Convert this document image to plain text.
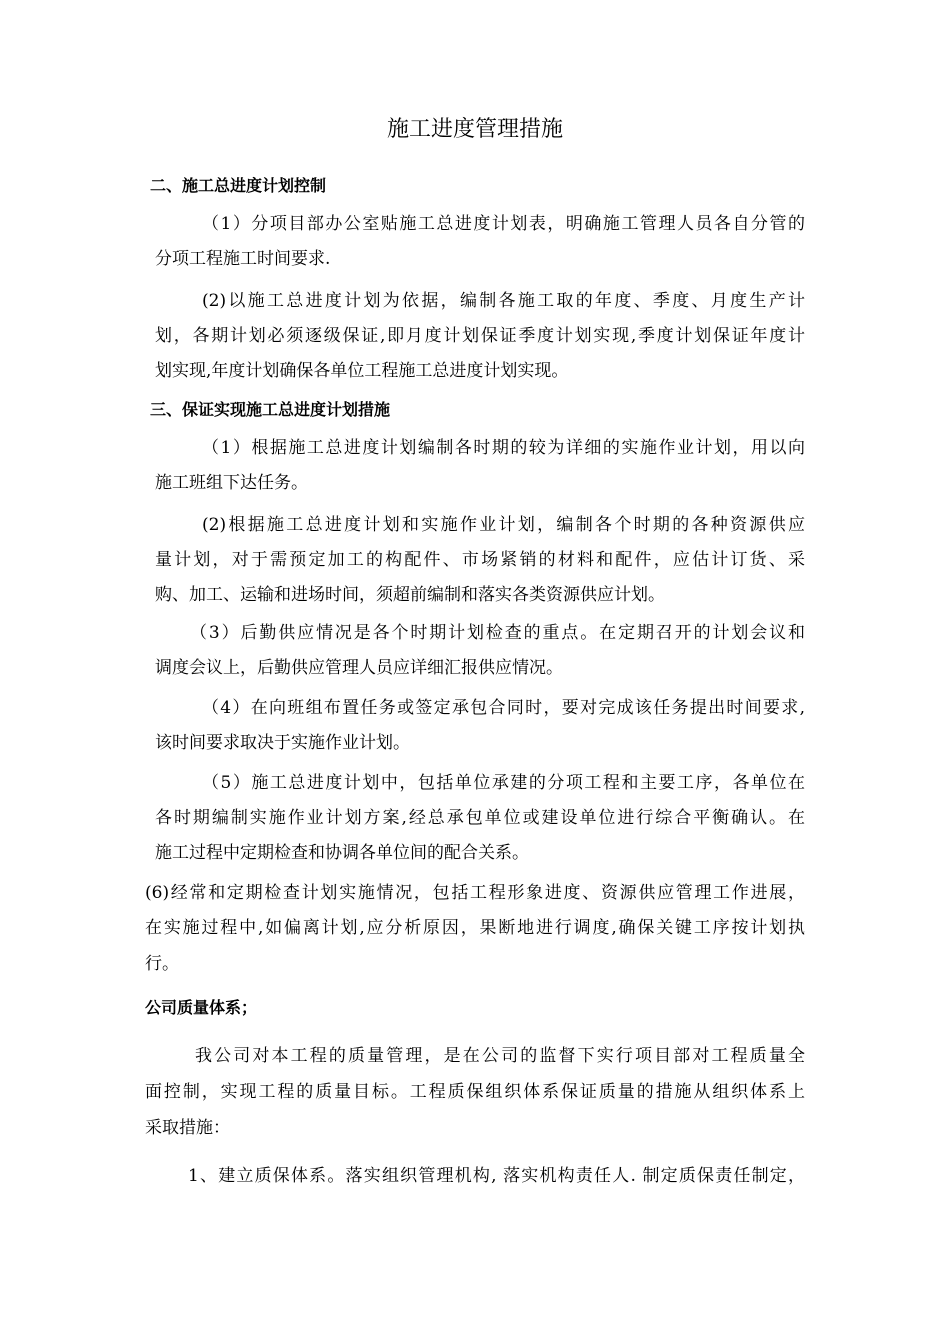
施工进度管理措施
二、施工总进度计划控制
（1）分项目部办公室贴施工总进度计划表，明确施工管理人员各自分管的
分项工程施工时间要求.
(2)以施工总进度计划为依据，编制各施工取的年度、季度、月度生产计
划，各期计划必须逐级保证,即月度计划保证季度计划实现,季度计划保证年度计
划实现,年度计划确保各单位工程施工总进度计划实现。
三、保证实现施工总进度计划措施
（1）根据施工总进度计划编制各时期的较为详细的实施作业计划，用以向
施工班组下达任务。
(2)根据施工总进度计划和实施作业计划，编制各个时期的各种资源供应
量计划，对于需预定加工的构配件、市场紧销的材料和配件，应估计订货、采
购、加工、运输和进场时间，须超前编制和落实各类资源供应计划。
（3）后勤供应情况是各个时期计划检查的重点。在定期召开的计划会议和
调度会议上，后勤供应管理人员应详细汇报供应情况。
（4）在向班组布置任务或签定承包合同时，要对完成该任务提出时间要求,
该时间要求取决于实施作业计划。
（5）施工总进度计划中，包括单位承建的分项工程和主要工序，各单位在
各时期编制实施作业计划方案,经总承包单位或建设单位进行综合平衡确认。在
施工过程中定期检查和协调各单位间的配合关系。
(6)经常和定期检查计划实施情况，包括工程形象进度、资源供应管理工作进展，
在实施过程中,如偏离计划,应分析原因，果断地进行调度,确保关键工序按计划执
行。
公司质量体系；
我公司对本工程的质量管理，是在公司的监督下实行项目部对工程质量全
面控制，实现工程的质量目标。工程质保组织体系保证质量的措施从组织体系上
采取措施：
1、建立质保体系。落实组织管理机构, 落实机构责任人. 制定质保责任制定，
